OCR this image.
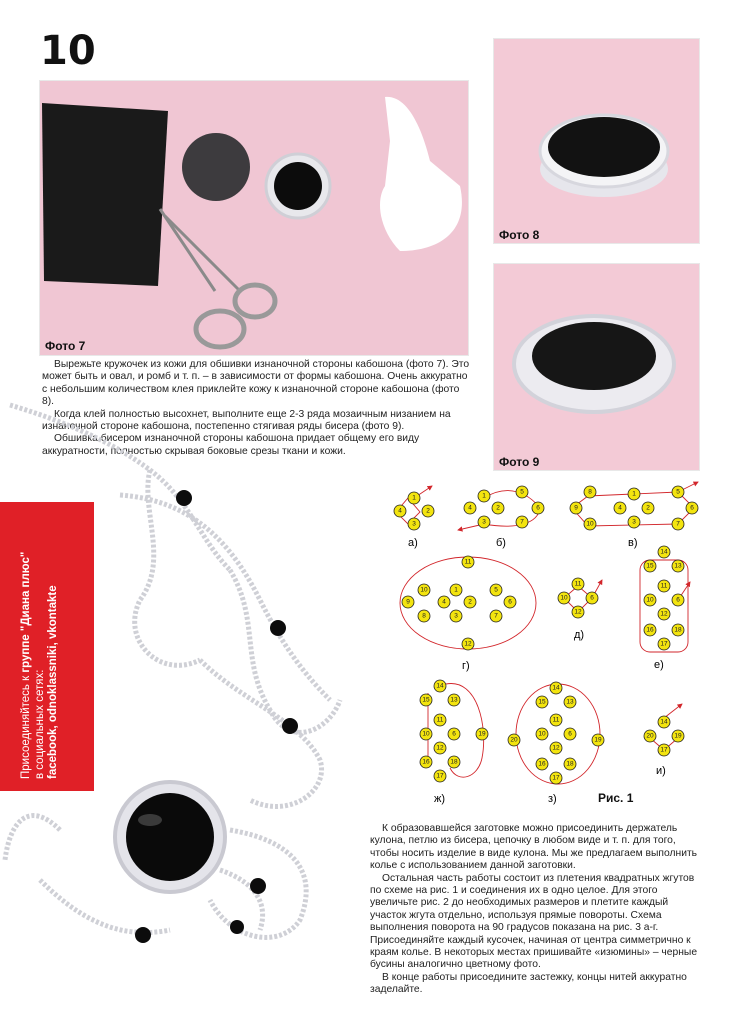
10
Фото 7
Фото 8
Фото 9

Вырежьте кружочек из кожи для обшивки изнаночной стороны кабошона (фото 7). Это может быть и овал, и ромб и т. п. – в зависимости от формы кабошона. Очень аккуратно с небольшим количеством клея приклейте кожу к изнаночной стороне кабошона (фото 8).

Когда клей полностью высохнет, выполните еще 2-3 ряда мозаичным низанием на изнаночной стороне кабошона, постепенно стягивая ряды бисера (фото 9).

Обшивка бисером изнаночной стороны кабошона придает общему его виду аккуратности, полностью скрывая боковые срезы ткани и кожи.

Присоединяйтесь к группе "Диана плюс"
в социальных сетях: facebook, odnoklassniki, vkontakte
1
2
3
4
1
2
3
4
5
6
7
8
9
10
1
4	2
3
5
6
7
а)	б)	в)
11
10
9
8
1
4	2
3
5
6
7
12
г)
11
10	6
12
д)
14
15	13
11
10	6
12
16	18
17
е)
14
15	13
11
10	6
12
19
16	18
17
ж)
14
15	13
11
10	6
12
20	19
16	18
17
з)
14
20	19
17
и)
Рис. 1

К образовавшейся заготовке можно присоединить держатель кулона, петлю из бисера, цепочку в любом виде и т. п. для того, чтобы носить изделие в виде кулона. Мы же предлагаем выполнить колье с использованием данной заготовки.

Остальная часть работы состоит из плетения квадратных жгутов по схеме на рис. 1 и соединения их в одно целое. Для этого увеличьте рис. 2 до необходимых размеров и плетите каждый участок жгута отдельно, используя прямые повороты. Схема выполнения поворота на 90 градусов показана на рис. 3 а-г. Присоединяйте каждый кусочек, начиная от центра симметрично к краям колье. В некоторых местах пришивайте «изюмины» – черные бусины аналогично цветному фото.

В конце работы присоедините застежку, концы нитей аккуратно заделайте.
